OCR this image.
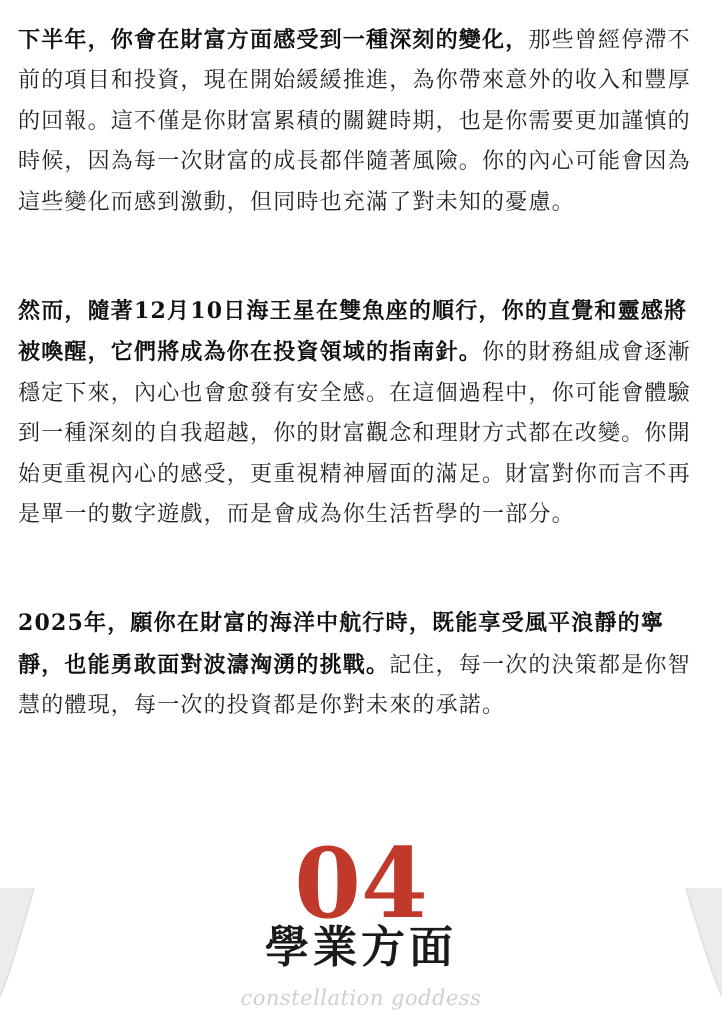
下半年，你會在財富方面感受到一種深刻的變化，那些曾經停滯不前的項目和投資，現在開始緩緩推進，為你帶來意外的收入和豐厚的回報。這不僅是你財富累積的關鍵時期，也是你需要更加謹慎的時候，因為每一次財富的成長都伴隨著風險。你的內心可能會因為這些變化而感到激動，但同時也充滿了對未知的憂慮。

然而，隨著12月10日海王星在雙魚座的順行，你的直覺和靈感將被喚醒，它們將成為你在投資領域的指南針。你的財務組成會逐漸穩定下來，內心也會愈發有安全感。在這個過程中，你可能會體驗到一種深刻的自我超越，你的財富觀念和理財方式都在改變。你開始更重視內心的感受，更重視精神層面的滿足。財富對你而言不再是單一的數字遊戲，而是會成為你生活哲學的一部分。

2025年，願你在財富的海洋中航行時，既能享受風平浪靜的寧靜，也能勇敢面對波濤洶湧的挑戰。記住，每一次的決策都是你智慧的體現，每一次的投資都是你對未來的承諾。

04
學業方面
constellation goddess
